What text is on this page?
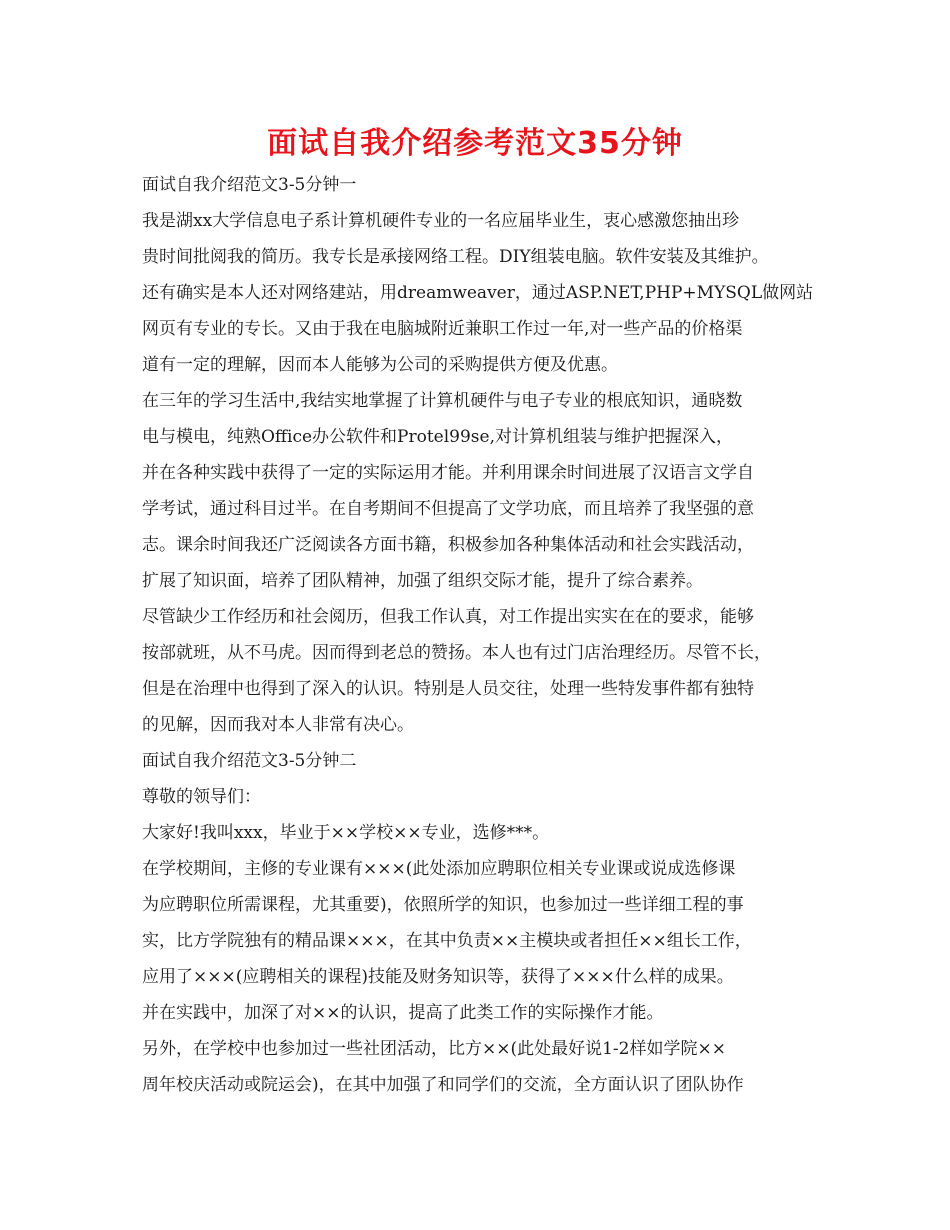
面试自我介绍参考范文35分钟
面试自我介绍范文3-5分钟一
我是湖xx大学信息电子系计算机硬件专业的一名应届毕业生，衷心感激您抽出珍
贵时间批阅我的简历。我专长是承接网络工程。DIY组装电脑。软件安装及其维护。
还有确实是本人还对网络建站，用dreamweaver，通过ASP.NET,PHP+MYSQL做网站
网页有专业的专长。又由于我在电脑城附近兼职工作过一年,对一些产品的价格渠
道有一定的理解，因而本人能够为公司的采购提供方便及优惠。
在三年的学习生活中,我结实地掌握了计算机硬件与电子专业的根底知识，通晓数
电与模电，纯熟Office办公软件和Protel99se,对计算机组装与维护把握深入，
并在各种实践中获得了一定的实际运用才能。并利用课余时间进展了汉语言文学自
学考试，通过科目过半。在自考期间不但提高了文学功底，而且培养了我坚强的意
志。课余时间我还广泛阅读各方面书籍，积极参加各种集体活动和社会实践活动，
扩展了知识面，培养了团队精神，加强了组织交际才能，提升了综合素养。
尽管缺少工作经历和社会阅历，但我工作认真，对工作提出实实在在的要求，能够
按部就班，从不马虎。因而得到老总的赞扬。本人也有过门店治理经历。尽管不长，
但是在治理中也得到了深入的认识。特别是人员交往，处理一些特发事件都有独特
的见解，因而我对本人非常有决心。
面试自我介绍范文3-5分钟二
尊敬的领导们：
大家好!我叫xxx，毕业于××学校××专业，选修***。
在学校期间，主修的专业课有×××(此处添加应聘职位相关专业课或说成选修课
为应聘职位所需课程，尤其重要)，依照所学的知识，也参加过一些详细工程的事
实，比方学院独有的精品课×××，在其中负责××主模块或者担任××组长工作，
应用了×××(应聘相关的课程)技能及财务知识等，获得了×××什么样的成果。
并在实践中，加深了对××的认识，提高了此类工作的实际操作才能。
另外，在学校中也参加过一些社团活动，比方××(此处最好说1-2样如学院××
周年校庆活动或院运会)，在其中加强了和同学们的交流，全方面认识了团队协作
